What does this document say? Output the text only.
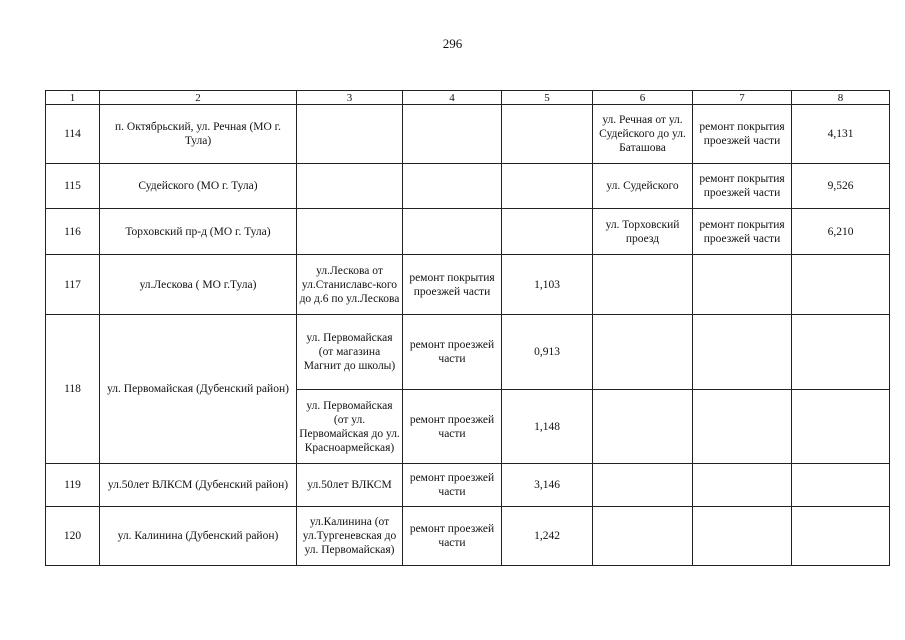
296
1	2	3	4	5	6	7	8
114	п. Октябрьский, ул. Речная (МО г. Тула)				ул. Речная от ул. Судейского до ул. Баташова	ремонт покрытия проезжей части	4,131
115	Судейского (МО г. Тула)				ул. Судейского	ремонт покрытия проезжей части	9,526
116	Торховский пр-д (МО г. Тула)				ул. Торховский проезд	ремонт покрытия проезжей части	6,210
117	ул.Лескова ( МО г.Тула)	ул.Лескова от ул.Станиславс-кого до д.6 по ул.Лескова	ремонт покрытия проезжей части	1,103			
118	ул. Первомайская (Дубенский район)	ул. Первомайская (от магазина Магнит до школы)	ремонт проезжей части	0,913			
		ул. Первомайская (от ул. Первомайская до ул. Красноармейская)	ремонт проезжей части	1,148			
119	ул.50лет ВЛКСМ (Дубенский район)	ул.50лет ВЛКСМ	ремонт проезжей части	3,146			
120	ул. Калинина (Дубенский район)	ул.Калинина (от ул.Тургеневская до ул. Первомайская)	ремонт проезжей части	1,242			
